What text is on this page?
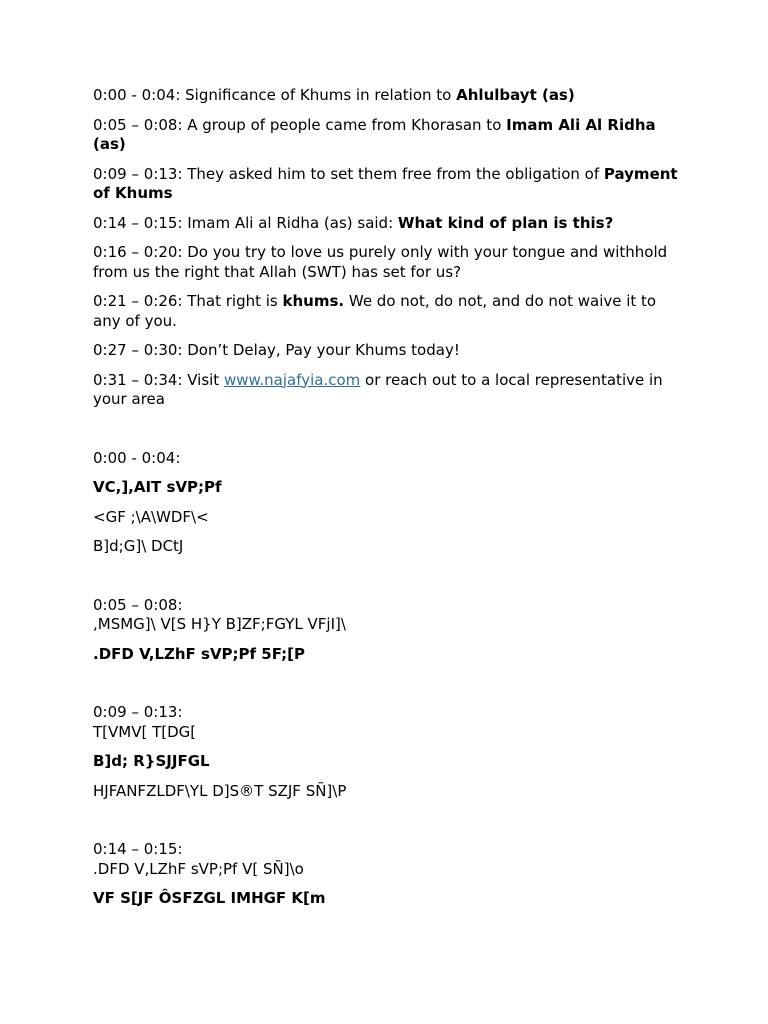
0:00 - 0:04: Significance of Khums in relation to Ahlulbayt (as)

0:05 – 0:08: A group of people came from Khorasan to Imam Ali Al Ridha (as)

0:09 – 0:13: They asked him to set them free from the obligation of Payment of Khums

0:14 – 0:15: Imam Ali al Ridha (as) said: What kind of plan is this?

0:16 – 0:20: Do you try to love us purely only with your tongue and withhold from us the right that Allah (SWT) has set for us?

0:21 – 0:26: That right is khums. We do not, do not, and do not waive it to any of you.

0:27 – 0:30: Don’t Delay, Pay your Khums today!

0:31 – 0:34: Visit www.najafyia.com or reach out to a local representative in your area

0:00 - 0:04:

VC,],AIT sVP;Pf

<GF ;\A\WDF\<

B]d;G]\ DCtJ

0:05 – 0:08:

,MSMG]\ V[S H}Y B]ZF;FGYL VFjI]\

.DFD V,LZhF sVP;Pf 5F;[P

0:09 – 0:13:

T[VMV[ T[DG[

B]d; R}SJJFGL

HJFANFZLDF\YL D]S®T SZJF SÑ]\P

0:14 – 0:15:

.DFD V,LZhF sVP;Pf V[ SÑ]\o

VF S[JF ÔSFZGL IMHGF K[m
